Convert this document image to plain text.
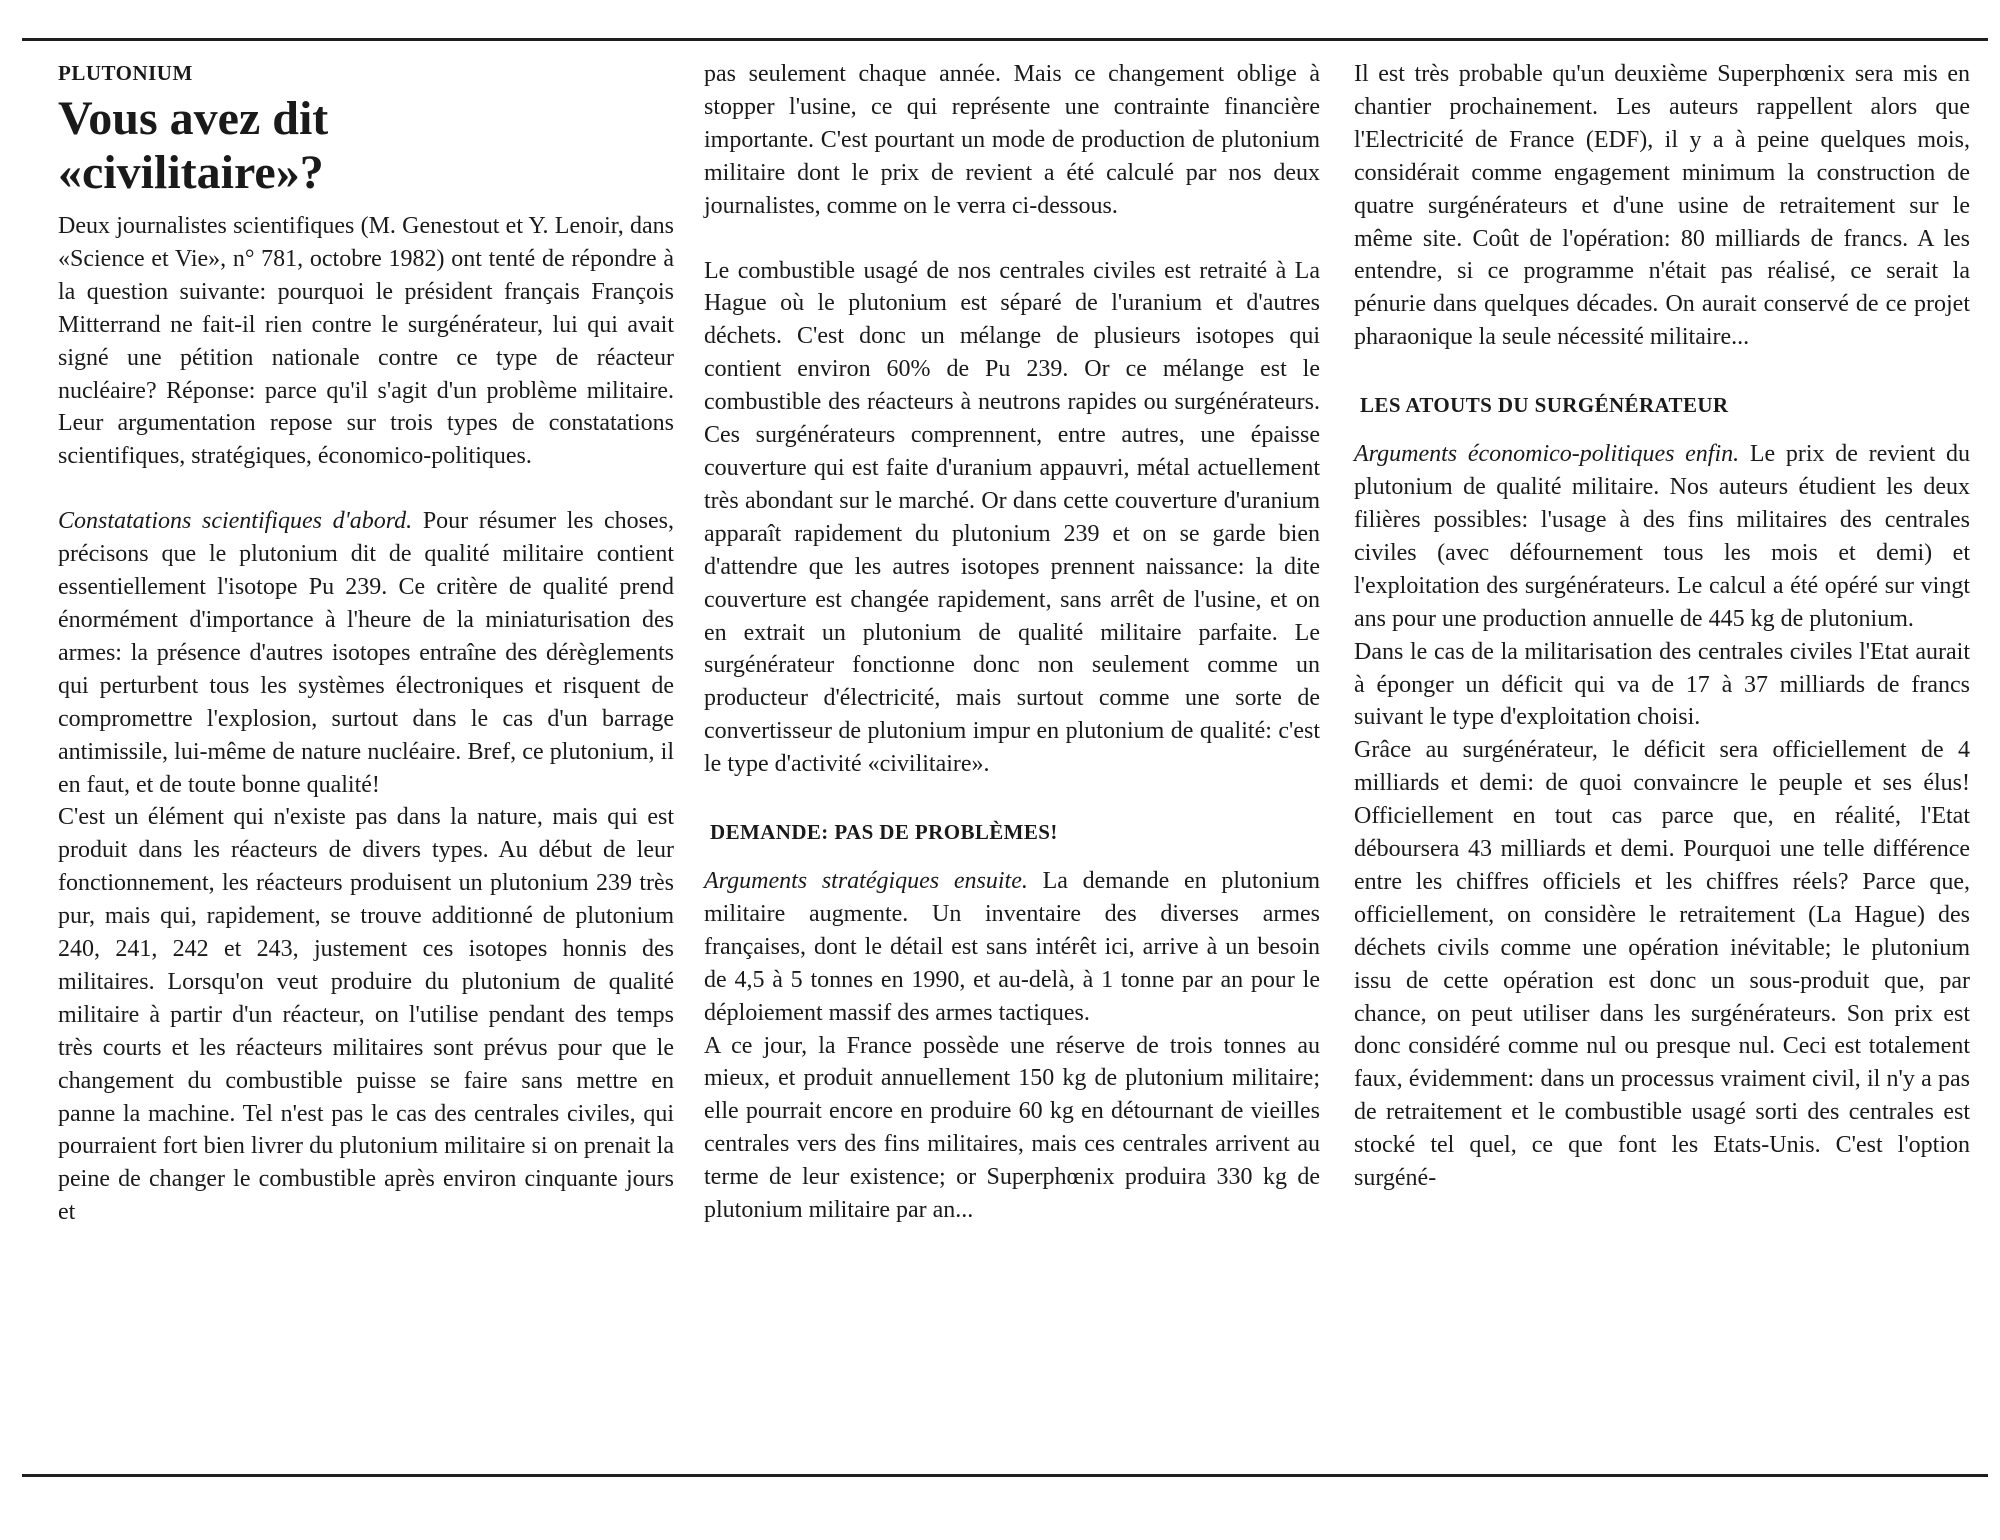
PLUTONIUM
Vous avez dit
«civilitaire»?

Deux journalistes scientifiques (M. Genestout et Y. Lenoir, dans «Science et Vie», n° 781, octobre 1982) ont tenté de répondre à la question suivante: pourquoi le président français François Mitterrand ne fait-il rien contre le surgénérateur, lui qui avait signé une pétition nationale contre ce type de réacteur nucléaire? Réponse: parce qu'il s'agit d'un problème militaire. Leur argumentation repose sur trois types de constatations scientifiques, stratégiques, économico-politiques.

Constatations scientifiques d'abord. Pour résumer les choses, précisons que le plutonium dit de qualité militaire contient essentiellement l'isotope Pu 239. Ce critère de qualité prend énormément d'importance à l'heure de la miniaturisation des armes: la présence d'autres isotopes entraîne des dérèglements qui perturbent tous les systèmes électroniques et risquent de compromettre l'explosion, surtout dans le cas d'un barrage antimissile, lui-même de nature nucléaire. Bref, ce plutonium, il en faut, et de toute bonne qualité!

C'est un élément qui n'existe pas dans la nature, mais qui est produit dans les réacteurs de divers types. Au début de leur fonctionnement, les réacteurs produisent un plutonium 239 très pur, mais qui, rapidement, se trouve additionné de plutonium 240, 241, 242 et 243, justement ces isotopes honnis des militaires. Lorsqu'on veut produire du plutonium de qualité militaire à partir d'un réacteur, on l'utilise pendant des temps très courts et les réacteurs militaires sont prévus pour que le changement du combustible puisse se faire sans mettre en panne la machine. Tel n'est pas le cas des centrales civiles, qui pourraient fort bien livrer du plutonium militaire si on prenait la peine de changer le combustible après environ cinquante jours et

pas seulement chaque année. Mais ce changement oblige à stopper l'usine, ce qui représente une contrainte financière importante. C'est pourtant un mode de production de plutonium militaire dont le prix de revient a été calculé par nos deux journalistes, comme on le verra ci-dessous.

Le combustible usagé de nos centrales civiles est retraité à La Hague où le plutonium est séparé de l'uranium et d'autres déchets. C'est donc un mélange de plusieurs isotopes qui contient environ 60% de Pu 239. Or ce mélange est le combustible des réacteurs à neutrons rapides ou surgénérateurs. Ces surgénérateurs comprennent, entre autres, une épaisse couverture qui est faite d'uranium appauvri, métal actuellement très abondant sur le marché. Or dans cette couverture d'uranium apparaît rapidement du plutonium 239 et on se garde bien d'attendre que les autres isotopes prennent naissance: la dite couverture est changée rapidement, sans arrêt de l'usine, et on en extrait un plutonium de qualité militaire parfaite. Le surgénérateur fonctionne donc non seulement comme un producteur d'électricité, mais surtout comme une sorte de convertisseur de plutonium impur en plutonium de qualité: c'est le type d'activité «civilitaire».

DEMANDE: PAS DE PROBLÈMES!

Arguments stratégiques ensuite. La demande en plutonium militaire augmente. Un inventaire des diverses armes françaises, dont le détail est sans intérêt ici, arrive à un besoin de 4,5 à 5 tonnes en 1990, et au-delà, à 1 tonne par an pour le déploiement massif des armes tactiques.

A ce jour, la France possède une réserve de trois tonnes au mieux, et produit annuellement 150 kg de plutonium militaire; elle pourrait encore en produire 60 kg en détournant de vieilles centrales vers des fins militaires, mais ces centrales arrivent au terme de leur existence; or Superphœnix produira 330 kg de plutonium militaire par an...

Il est très probable qu'un deuxième Superphœnix sera mis en chantier prochainement. Les auteurs rappellent alors que l'Electricité de France (EDF), il y a à peine quelques mois, considérait comme engagement minimum la construction de quatre surgénérateurs et d'une usine de retraitement sur le même site. Coût de l'opération: 80 milliards de francs. A les entendre, si ce programme n'était pas réalisé, ce serait la pénurie dans quelques décades. On aurait conservé de ce projet pharaonique la seule nécessité militaire...

LES ATOUTS DU SURGÉNÉRATEUR

Arguments économico-politiques enfin. Le prix de revient du plutonium de qualité militaire. Nos auteurs étudient les deux filières possibles: l'usage à des fins militaires des centrales civiles (avec défournement tous les mois et demi) et l'exploitation des surgénérateurs. Le calcul a été opéré sur vingt ans pour une production annuelle de 445 kg de plutonium.

Dans le cas de la militarisation des centrales civiles l'Etat aurait à éponger un déficit qui va de 17 à 37 milliards de francs suivant le type d'exploitation choisi.

Grâce au surgénérateur, le déficit sera officiellement de 4 milliards et demi: de quoi convaincre le peuple et ses élus! Officiellement en tout cas parce que, en réalité, l'Etat déboursera 43 milliards et demi. Pourquoi une telle différence entre les chiffres officiels et les chiffres réels? Parce que, officiellement, on considère le retraitement (La Hague) des déchets civils comme une opération inévitable; le plutonium issu de cette opération est donc un sous-produit que, par chance, on peut utiliser dans les surgénérateurs. Son prix est donc considéré comme nul ou presque nul. Ceci est totalement faux, évidemment: dans un processus vraiment civil, il n'y a pas de retraitement et le combustible usagé sorti des centrales est stocké tel quel, ce que font les Etats-Unis. C'est l'option surgéné-
